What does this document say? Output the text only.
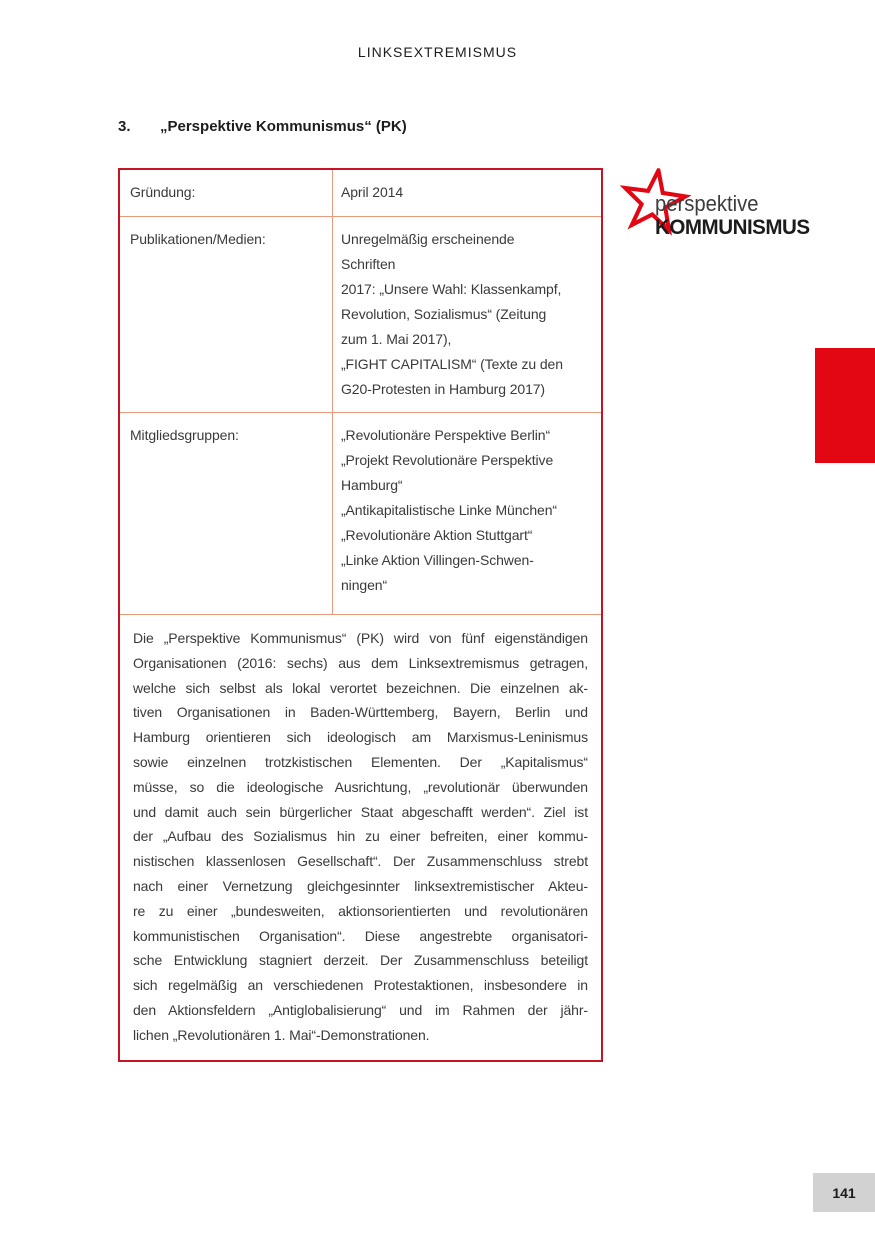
LINKSEXTREMISMUS
3. „Perspektive Kommunismus“ (PK)
Gründung:	April 2014
Publikationen/Medien:	Unregelmäßig erscheinende
Schriften
2017: „Unsere Wahl: Klassenkampf,
Revolution, Sozialismus“ (Zeitung
zum 1. Mai 2017),
„FIGHT CAPITALISM“ (Texte zu den
G20-Protesten in Hamburg 2017)
Mitgliedsgruppen:	„Revolutionäre Perspektive Berlin“
„Projekt Revolutionäre Perspektive
Hamburg“
„Antikapitalistische Linke München“
„Revolutionäre Aktion Stuttgart“
„Linke Aktion Villingen-Schwen-
ningen“
Die „Perspektive Kommunismus“ (PK) wird von fünf eigenständigen
Organisationen (2016: sechs) aus dem Linksextremismus getragen,
welche sich selbst als lokal verortet bezeichnen. Die einzelnen ak-
tiven Organisationen in Baden-Württemberg, Bayern, Berlin und
Hamburg orientieren sich ideologisch am Marxismus-Leninismus
sowie einzelnen trotzkistischen Elementen. Der „Kapitalismus“
müsse, so die ideologische Ausrichtung, „revolutionär überwunden
und damit auch sein bürgerlicher Staat abgeschafft werden“. Ziel ist
der „Aufbau des Sozialismus hin zu einer befreiten, einer kommu-
nistischen klassenlosen Gesellschaft“. Der Zusammenschluss strebt
nach einer Vernetzung gleichgesinnter linksextremistischer Akteu-
re zu einer „bundesweiten, aktionsorientierten und revolutionären
kommunistischen Organisation“. Diese angestrebte organisatori-
sche Entwicklung stagniert derzeit. Der Zusammenschluss beteiligt
sich regelmäßig an verschiedenen Protestaktionen, insbesondere in
den Aktionsfeldern „Antiglobalisierung“ und im Rahmen der jähr-
lichen „Revolutionären 1. Mai“-Demonstrationen.
perspektive
KOMMUNISMUS
141
